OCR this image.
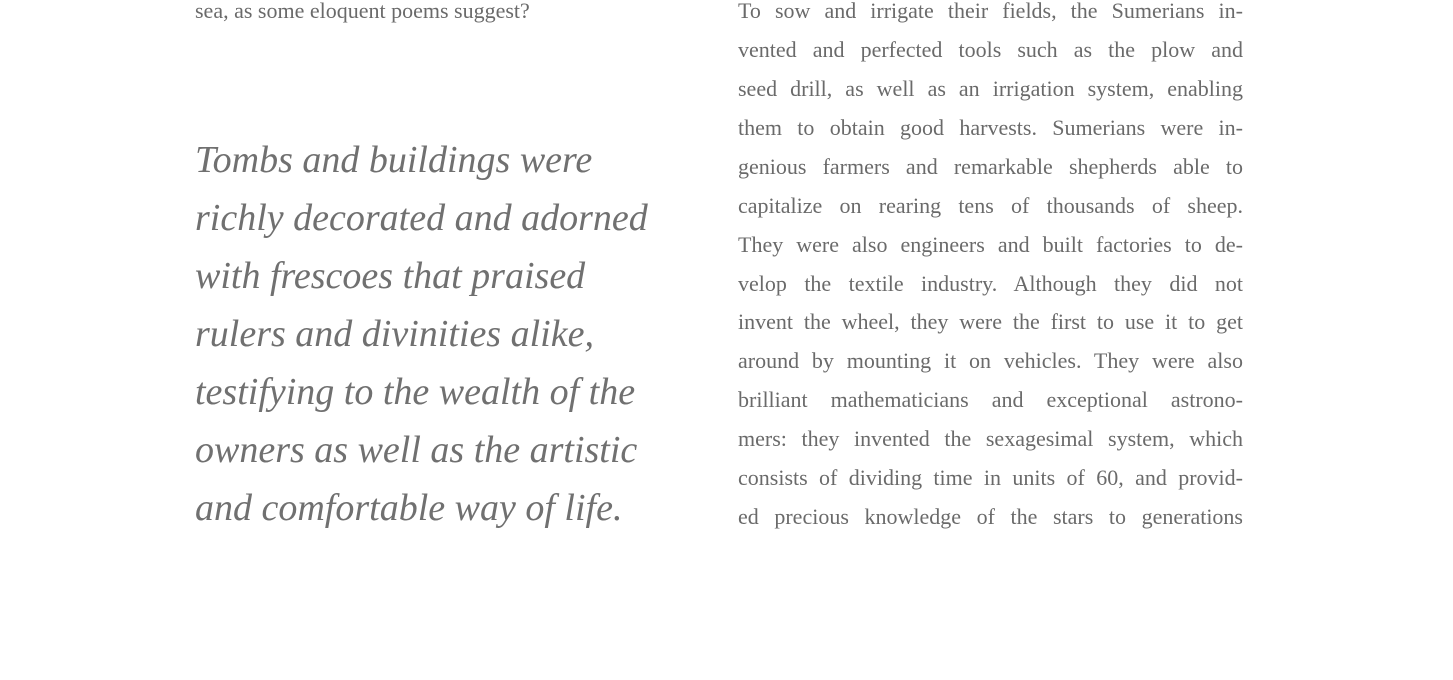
sea, as some eloquent poems suggest?
Tombs and buildings were
richly decorated and adorned
with frescoes that praised
rulers and divinities alike,
testifying to the wealth of the
owners as well as the artistic
and comfortable way of life.
To sow and irrigate their fields, the Sumerians in-
vented and perfected tools such as the plow and
seed drill, as well as an irrigation system, enabling
them to obtain good harvests. Sumerians were in-
genious farmers and remarkable shepherds able to
capitalize on rearing tens of thousands of sheep.
They were also engineers and built factories to de-
velop the textile industry. Although they did not
invent the wheel, they were the first to use it to get
around by mounting it on vehicles. They were also
brilliant mathematicians and exceptional astrono-
mers: they invented the sexagesimal system, which
consists of dividing time in units of 60, and provid-
ed precious knowledge of the stars to generations
